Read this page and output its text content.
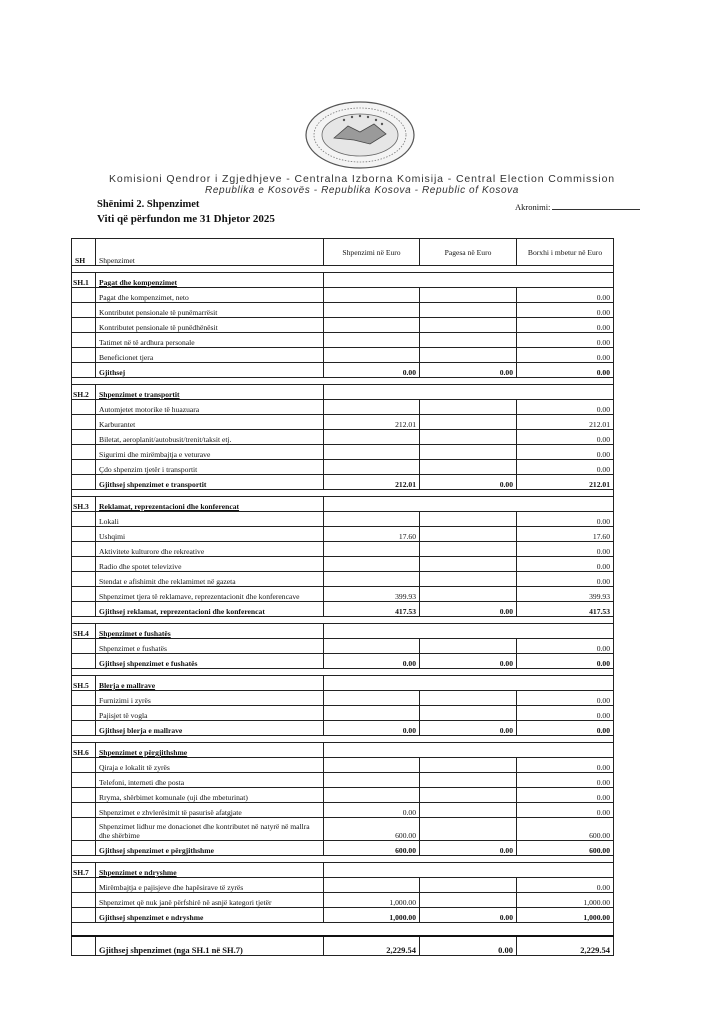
Komisioni Qendror i Zgjedhjeve - Centralna Izborna Komisija - Central Election Commission
Republika e Kosovës - Republika Kosova - Republic of Kosova
Shënimi 2. Shpenzimet
Viti që përfundon me 31 Dhjetor 2025
Akronimi:
SH	Shpenzimet	Shpenzimi në Euro	Pagesa në Euro	Borxhi i mbetur në Euro

SH.1	Pagat dhe kompenzimet			
	Pagat dhe kompenzimet, neto			0.00
	Kontributet pensionale të punëmarrësit			0.00
	Kontributet pensionale të punëdhënësit			0.00
	Tatimet në të ardhura personale			0.00
	Beneficionet tjera			0.00
	Gjithsej	0.00	0.00	0.00

SH.2	Shpenzimet e transportit			
	Automjetet motorike të huazuara			0.00
	Karburantet	212.01		212.01
	Biletat, aeroplanit/autobusit/trenit/taksit etj.			0.00
	Sigurimi dhe mirëmbajtja e veturave			0.00
	Çdo shpenzim tjetër i transportit			0.00
	Gjithsej shpenzimet e transportit	212.01	0.00	212.01

SH.3	Reklamat, reprezentacioni dhe konferencat			
	Lokali			0.00
	Ushqimi	17.60		17.60
	Aktivitete kulturore dhe rekreative			0.00
	Radio dhe spotet televizive			0.00
	Stendat e afishimit dhe reklamimet në gazeta			0.00
	Shpenzimet tjera të reklamave, reprezentacionit dhe konferencave	399.93		399.93
	Gjithsej reklamat, reprezentacioni dhe konferencat	417.53	0.00	417.53

SH.4	Shpenzimet e fushatës			
	Shpenzimet e fushatës			0.00
	Gjithsej shpenzimet e fushatës	0.00	0.00	0.00

SH.5	Blerja e mallrave			
	Furnizimi i zyrës			0.00
	Pajisjet të vogla			0.00
	Gjithsej blerja e mallrave	0.00	0.00	0.00

SH.6	Shpenzimet e përgjithshme			
	Qiraja e lokalit të zyrës			0.00
	Telefoni, interneti dhe posta			0.00
	Rryma, shërbimet komunale (uji dhe mbeturinat)			0.00
	Shpenzimet e zhvlerësimit të pasurisë afatgjate	0.00		0.00
	Shpenzimet lidhur me donacionet dhe kontributet në natyrë në mallra dhe shërbime	600.00		600.00
	Gjithsej shpenzimet e përgjithshme	600.00	0.00	600.00

SH.7	Shpenzimet e ndryshme			
	Mirëmbajtja e pajisjeve dhe hapësirave të zyrës			0.00
	Shpenzimet që nuk janë përfshirë në asnjë kategori tjetër	1,000.00		1,000.00
	Gjithsej shpenzimet e ndryshme	1,000.00	0.00	1,000.00

	Gjithsej shpenzimet (nga SH.1 në SH.7)	2,229.54	0.00	2,229.54
